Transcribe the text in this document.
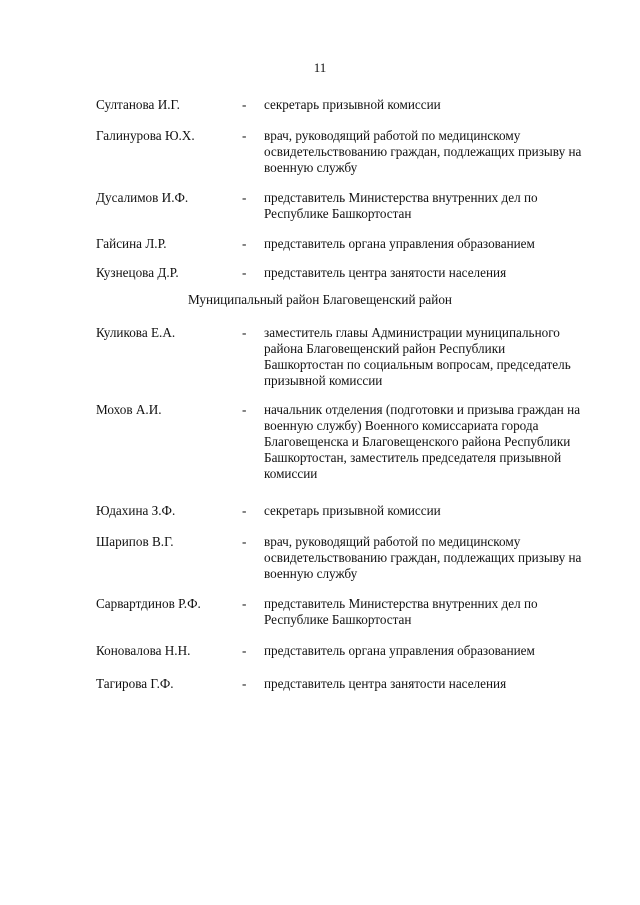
11
Султанова И.Г.	- секретарь призывной комиссии
Галинурова Ю.Х.	- врач, руководящий работой по медицинскому освидетельствованию граждан, подлежащих призыву на военную службу
Дусалимов И.Ф.	- представитель Министерства внутренних дел по Республике Башкортостан
Гайсина Л.Р.	- представитель органа управления образованием
Кузнецова Д.Р.	- представитель центра занятости населения
Муниципальный район Благовещенский район
Куликова Е.А.	- заместитель главы Администрации муниципального района Благовещенский район Республики Башкортостан по социальным вопросам, председатель призывной комиссии
Мохов А.И.	- начальник отделения (подготовки и призыва граждан на военную службу) Военного комиссариата города Благовещенска и Благовещенского района Республики Башкортостан, заместитель председателя призывной комиссии
Юдахина З.Ф.	- секретарь призывной комиссии
Шарипов В.Г.	- врач, руководящий работой по медицинскому освидетельствованию граждан, подлежащих призыву на военную службу
Сарвартдинов Р.Ф.	- представитель Министерства внутренних дел по Республике Башкортостан
Коновалова Н.Н.	- представитель органа управления образованием
Тагирова Г.Ф.	- представитель центра занятости населения
